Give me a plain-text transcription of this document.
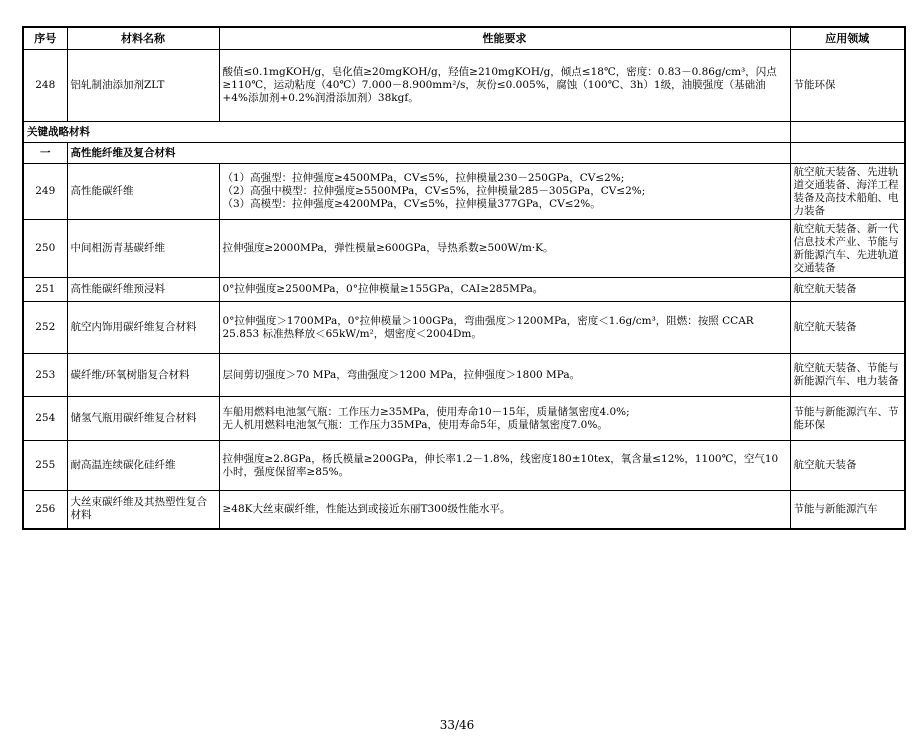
序号	材料名称	性能要求	应用领域
248	铝轧制油添加剂ZLT	酸值≤0.1mgKOH/g，皂化值≥20mgKOH/g，羟值≥210mgKOH/g，倾点≤18℃，密度：0.83－0.86g/cm³，闪点≥110℃，运动粘度（40℃）7.000－8.900mm²/s，灰份≤0.005%，腐蚀（100℃、3h）1级，油膜强度（基础油+4%添加剂+0.2%润滑添加剂）38kgf。	节能环保
关键战略材料			
一	高性能纤维及复合材料		
249	高性能碳纤维	（1）高强型：拉伸强度≥4500MPa，CV≤5%，拉伸模量230－250GPa，CV≤2%;
（2）高强中模型：拉伸强度≥5500MPa，CV≤5%，拉伸模量285－305GPa，CV≤2%;
（3）高模型：拉伸强度≥4200MPa，CV≤5%，拉伸模量377GPa，CV≤2%。	航空航天装备、先进轨道交通装备、海洋工程装备及高技术船舶、电力装备
250	中间相沥青基碳纤维	拉伸强度≥2000MPa，弹性模量≥600GPa，导热系数≥500W/m·K。	航空航天装备、新一代信息技术产业、节能与新能源汽车、先进轨道交通装备
251	高性能碳纤维预浸料	0°拉伸强度≥2500MPa，0°拉伸模量≥155GPa，CAI≥285MPa。	航空航天装备
252	航空内饰用碳纤维复合材料	0°拉伸强度＞1700MPa，0°拉伸模量＞100GPa，弯曲强度＞1200MPa，密度＜1.6g/cm³，阻燃：按照 CCAR 25.853 标准热释放＜65kW/m²，烟密度＜2004Dm。	航空航天装备
253	碳纤维/环氧树脂复合材料	层间剪切强度＞70 MPa，弯曲强度＞1200 MPa，拉伸强度＞1800 MPa。	航空航天装备、节能与新能源汽车、电力装备
254	储氢气瓶用碳纤维复合材料	车船用燃料电池氢气瓶：工作压力≥35MPa，使用寿命10－15年，质量储氢密度4.0%;
无人机用燃料电池氢气瓶：工作压力35MPa，使用寿命5年，质量储氢密度7.0%。	节能与新能源汽车、节能环保
255	耐高温连续碳化硅纤维	拉伸强度≥2.8GPa，杨氏模量≥200GPa，伸长率1.2－1.8%，线密度180±10tex，氧含量≤12%，1100℃，空气10小时，强度保留率≥85%。	航空航天装备
256	大丝束碳纤维及其热塑性复合材料	≥48K大丝束碳纤维，性能达到或接近东丽T300级性能水平。	节能与新能源汽车
33/46
